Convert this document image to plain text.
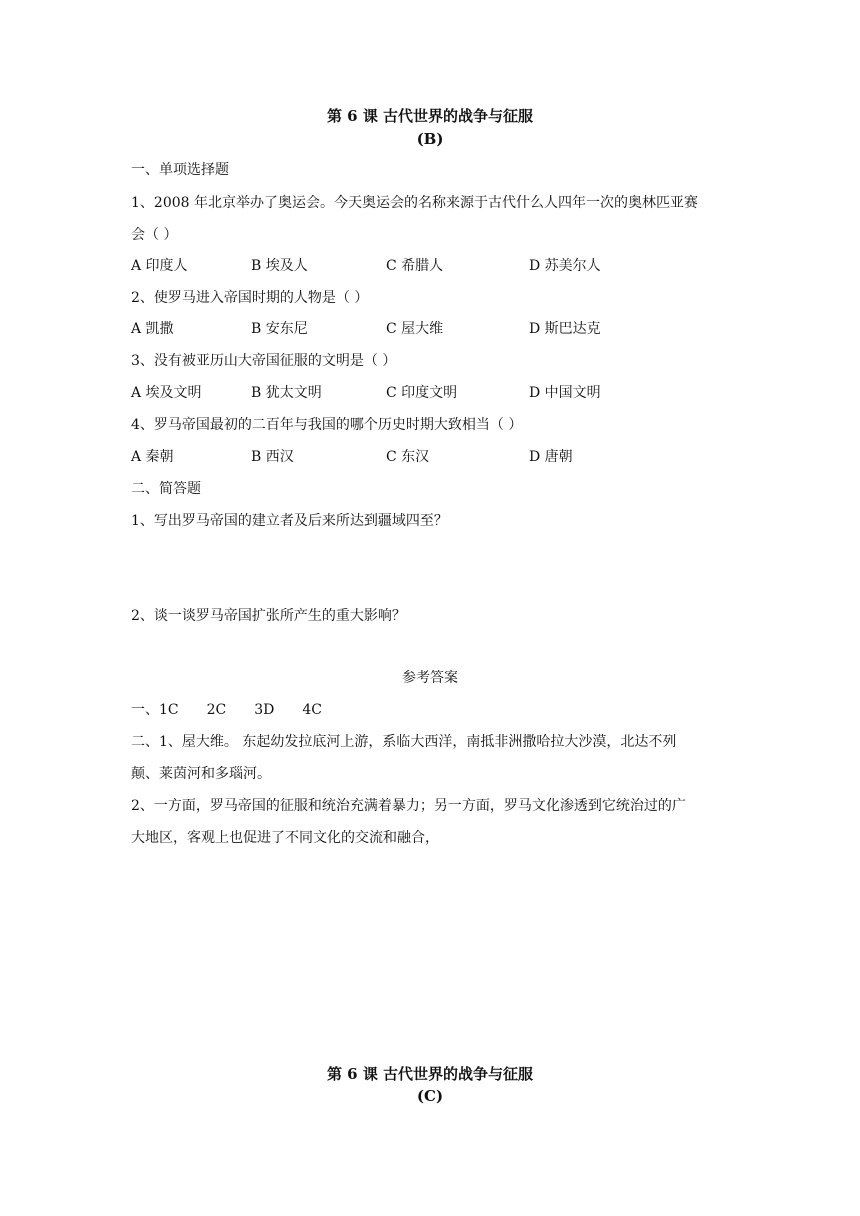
第 6 课 古代世界的战争与征服
(B)
一、单项选择题
1、2008 年北京举办了奥运会。今天奥运会的名称来源于古代什么人四年一次的奥林匹亚赛
会（ ）
A 印度人	B 埃及人	C 希腊人	D 苏美尔人
2、使罗马进入帝国时期的人物是（ ）
A 凯撒	B 安东尼	C 屋大维	D 斯巴达克
3、没有被亚历山大帝国征服的文明是（ ）
A 埃及文明	B 犹太文明	C 印度文明	D 中国文明
4、罗马帝国最初的二百年与我国的哪个历史时期大致相当（ ）
A 秦朝	B 西汉	C 东汉	D 唐朝
二、简答题
1、写出罗马帝国的建立者及后来所达到疆域四至？
2、谈一谈罗马帝国扩张所产生的重大影响？
参考答案
一、1C 2C 3D 4C
二、1、屋大维。 东起幼发拉底河上游，系临大西洋，南抵非洲撒哈拉大沙漠，北达不列
颠、莱茵河和多瑙河。
2、一方面，罗马帝国的征服和统治充满着暴力；另一方面，罗马文化渗透到它统治过的广
大地区，客观上也促进了不同文化的交流和融合，
第 6 课 古代世界的战争与征服
(C)
